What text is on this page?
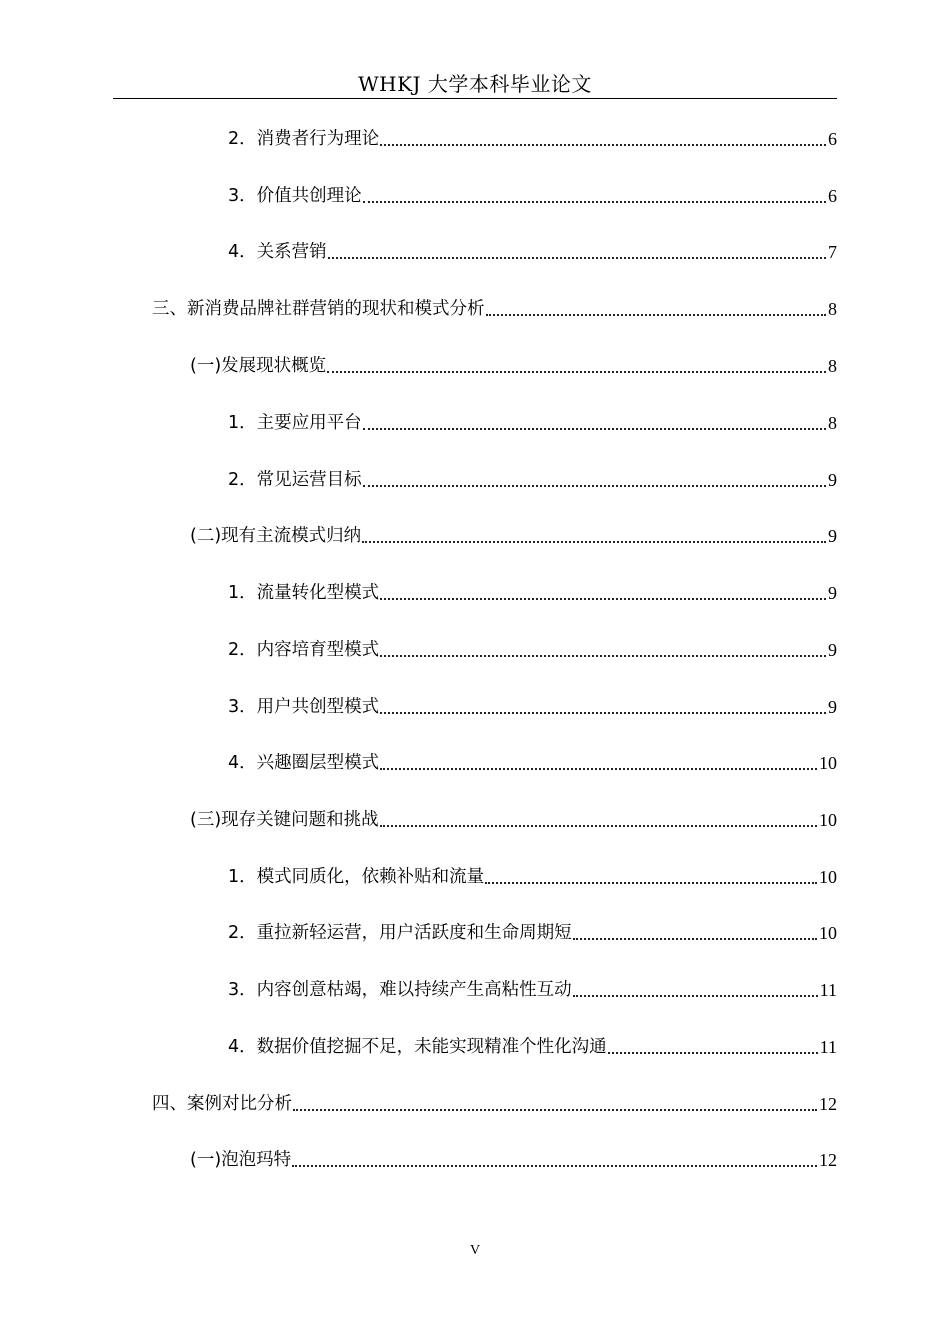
WHKJ 大学本科毕业论文
2．消费者行为理论	6
3．价值共创理论	6
4．关系营销	7
三、新消费品牌社群营销的现状和模式分析	8
(一)发展现状概览	8
1．主要应用平台	8
2．常见运营目标	9
(二)现有主流模式归纳	9
1．流量转化型模式	9
2．内容培育型模式	9
3．用户共创型模式	9
4．兴趣圈层型模式	10
(三)现存关键问题和挑战	10
1．模式同质化，依赖补贴和流量	10
2．重拉新轻运营，用户活跃度和生命周期短	10
3．内容创意枯竭，难以持续产生高粘性互动	11
4．数据价值挖掘不足，未能实现精准个性化沟通	11
四、案例对比分析	12
(一)泡泡玛特	12
V
